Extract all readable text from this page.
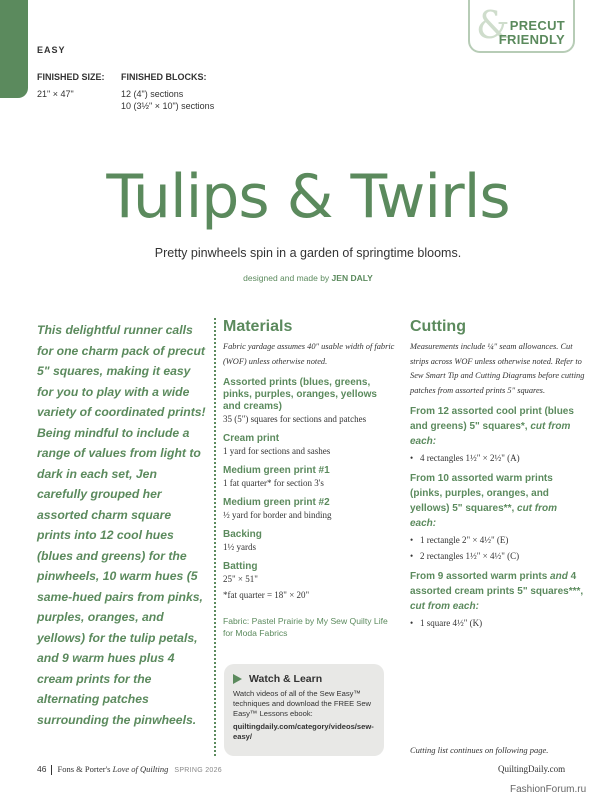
EASY
FINISHED SIZE:
21" × 47"
FINISHED BLOCKS:
12 (4") sections
10 (3½" × 10") sections
& PRECUT
FRIENDLY
Tulips & Twirls
Pretty pinwheels spin in a garden of springtime blooms.
designed and made by JEN DALY
This delightful runner calls for one charm pack of precut 5" squares, making it easy for you to play with a wide variety of coordinated prints! Being mindful to include a range of values from light to dark in each set, Jen carefully grouped her assorted charm square prints into 12 cool hues (blues and greens) for the pinwheels, 10 warm hues (5 same-hued pairs from pinks, purples, oranges, and yellows) for the tulip petals, and 9 warm hues plus 4 cream prints for the alternating patches surrounding the pinwheels.
Materials
Fabric yardage assumes 40" usable width of fabric (WOF) unless otherwise noted.
Assorted prints (blues, greens, pinks, purples, oranges, yellows and creams)
35 (5") squares for sections and patches
Cream print
1 yard for sections and sashes
Medium green print #1
1 fat quarter* for section 3's
Medium green print #2
½ yard for border and binding
Backing
1½ yards
Batting
25" × 51"
*fat quarter = 18" × 20"
Fabric: Pastel Prairie by My Sew Quilty Life for Moda Fabrics
Watch & Learn
Watch videos of all of the Sew Easy™ techniques and download the FREE Sew Easy™ Lessons ebook:
quiltingdaily.com/category/videos/sew-easy/
Cutting
Measurements include ¼" seam allowances. Cut strips across WOF unless otherwise noted. Refer to Sew Smart Tip and Cutting Diagrams before cutting patches from assorted prints 5" squares.
From 12 assorted cool print (blues and greens) 5" squares*, cut from each:
• 4 rectangles 1½" × 2½" (A)
From 10 assorted warm prints (pinks, purples, oranges, and yellows) 5" squares**, cut from each:
• 1 rectangle 2" × 4½" (E)
• 2 rectangles 1½" × 4½" (C)
From 9 assorted warm prints and 4 assorted cream prints 5" squares***, cut from each:
• 1 square 4½" (K)
Cutting list continues on following page.
46 Fons & Porter's Love of Quilting SPRING 2026	QuiltingDaily.com
FashionForum.ru
